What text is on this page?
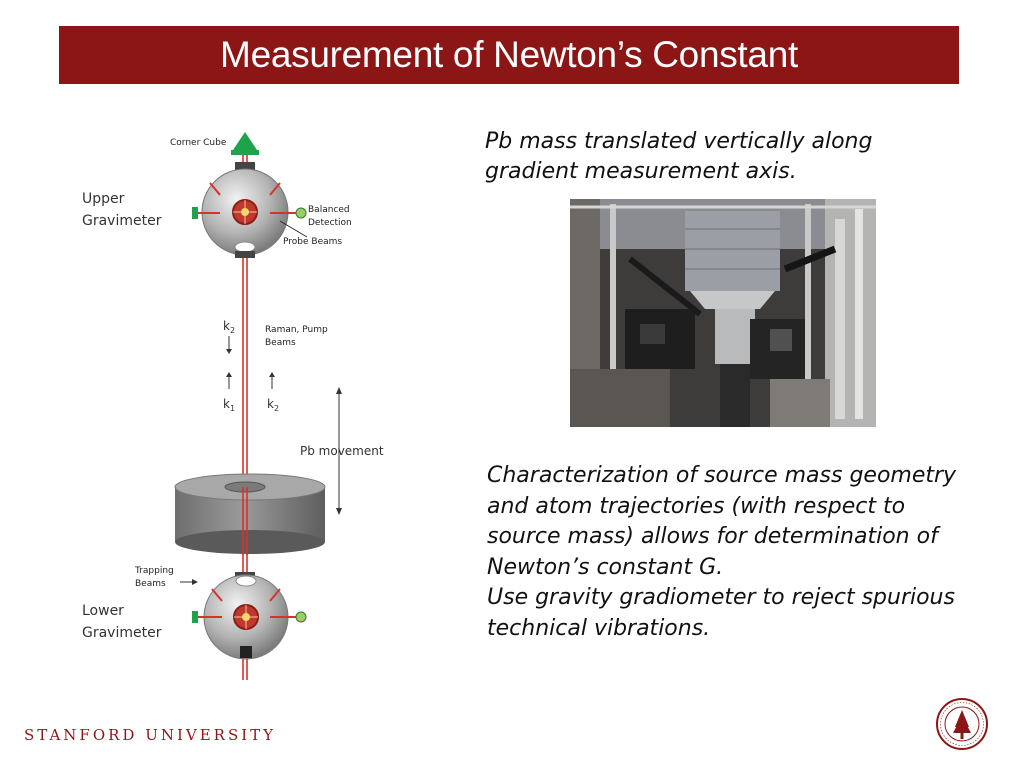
Measurement of Newton’s Constant
Corner Cube
Upper
Gravimeter
Balanced
Detection
Probe Beams
$k_2$	Raman, Pump
Beams
$k_1$	$k_2$
Pb movement
Trapping
Beams
Lower
Gravimeter

Pb mass translated vertically along gradient measurement axis.

Characterization of source mass geometry and atom trajectories (with respect to source mass) allows for determination of Newton’s constant G.

Use gravity gradiometer to reject spurious technical vibrations.

STANFORD UNIVERSITY
